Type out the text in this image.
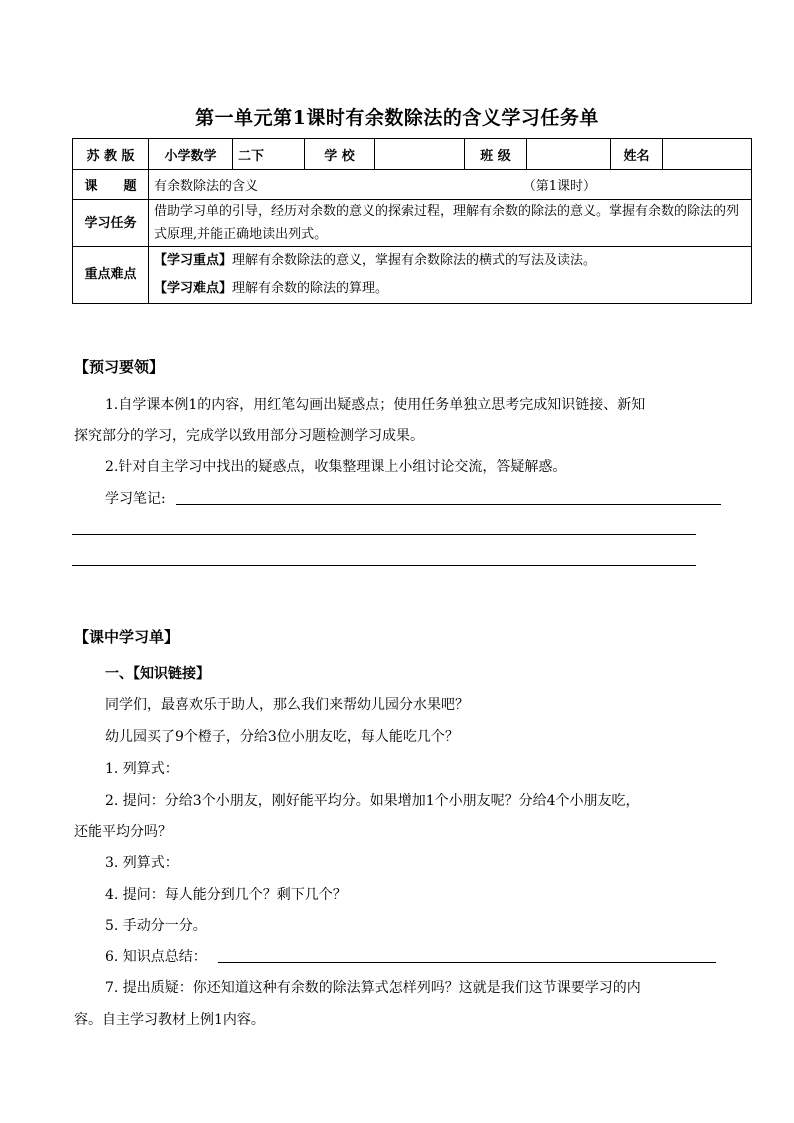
第一单元第1课时有余数除法的含义学习任务单
苏 教 版	小学数学	二下	学 校		班 级		姓名	
课　　题	有余数除法的含义 （第1课时）							

学习任务	借助学习单的引导，经历对余数的意义的探索过程，理解有余数的除法的意义。掌握有余数的除法的列式原理,并能正确地读出列式。							
重点难点	【学习重点】理解有余数除法的意义，掌握有余数除法的横式的写法及读法。
【学习难点】理解有余数的除法的算理。							
【预习要领】
1.自学课本例1的内容，用红笔勾画出疑惑点；使用任务单独立思考完成知识链接、新知
探究部分的学习，完成学以致用部分习题检测学习成果。
2.针对自主学习中找出的疑惑点，收集整理课上小组讨论交流，答疑解惑。
学习笔记:
【课中学习单】
一、【知识链接】
同学们，最喜欢乐于助人，那么我们来帮幼儿园分水果吧？
幼儿园买了9个橙子，分给3位小朋友吃，每人能吃几个？
1. 列算式：
2. 提问：分给3个小朋友，刚好能平均分。如果增加1个小朋友呢？分给4个小朋友吃，
还能平均分吗？
3. 列算式：
4. 提问：每人能分到几个？剩下几个？
5. 手动分一分。
6. 知识点总结：
7. 提出质疑：你还知道这种有余数的除法算式怎样列吗？这就是我们这节课要学习的内
容。自主学习教材上例1内容。
